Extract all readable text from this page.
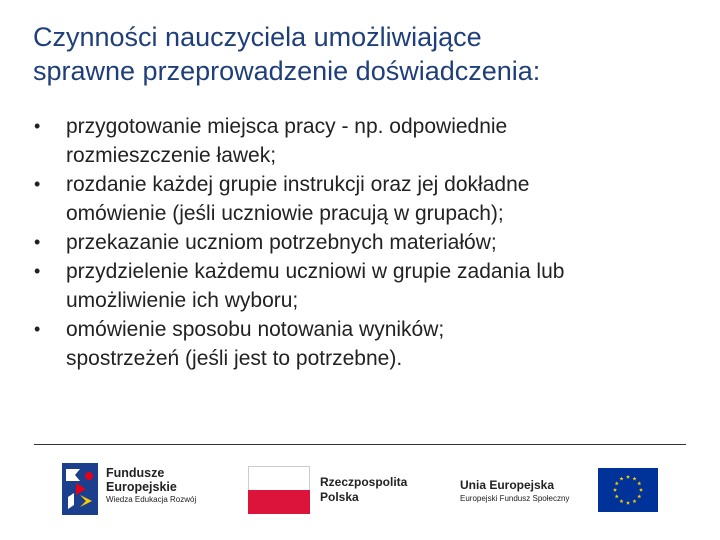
Czynności nauczyciela umożliwiające
sprawne przeprowadzenie doświadczenia:
•	przygotowanie miejsca pracy - np. odpowiednie
rozmieszczenie ławek;
•	rozdanie każdej grupie instrukcji oraz jej dokładne
omówienie (jeśli uczniowie pracują w grupach);
•	przekazanie uczniom potrzebnych materiałów;
•	przydzielenie każdemu uczniowi w grupie zadania lub
umożliwienie ich wyboru;
•	omówienie sposobu notowania wyników;
spostrzeżeń (jeśli jest to potrzebne).
Fundusze
Europejskie
Wiedza Edukacja Rozwój
Rzeczpospolita
Polska
Unia Europejska
Europejski Fundusz Społeczny
